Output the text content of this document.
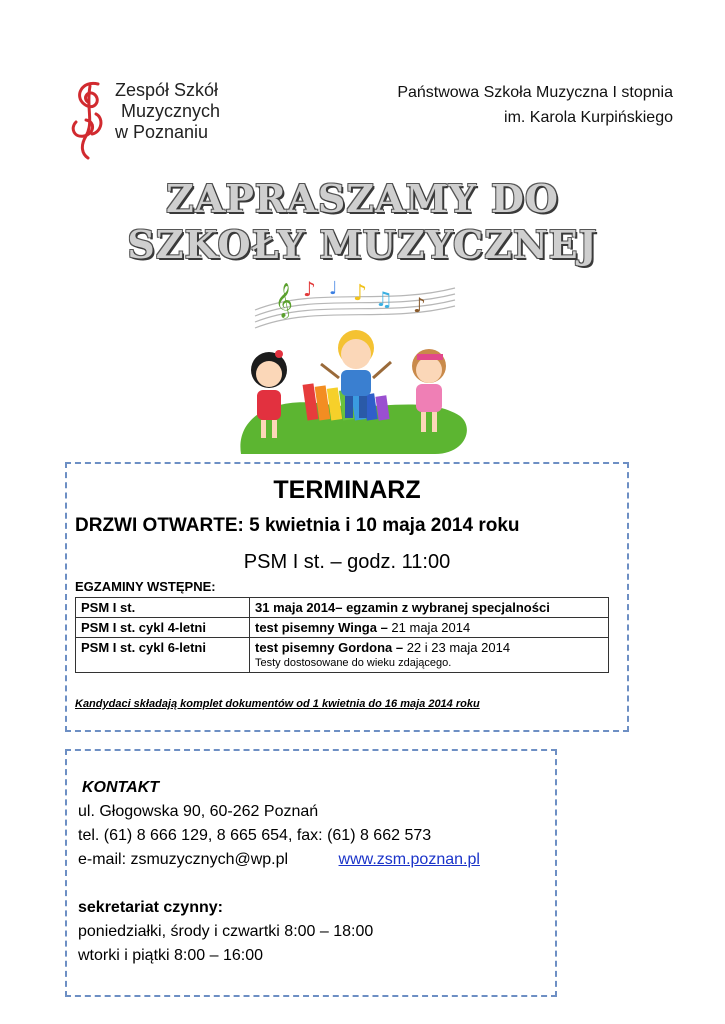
Zespół Szkół
Muzycznych
w Poznaniu
Państwowa Szkoła Muzyczna I stopnia
im. Karola Kurpińskiego
ZAPRASZAMY DO
SZKOŁY MUZYCZNEJ
𝄞 ♪ ♩ ♪ ♫ ♪
TERMINARZ
DRZWI OTWARTE: 5 kwietnia i 10 maja 2014 roku
PSM I st. – godz. 11:00
EGZAMINY WSTĘPNE:
PSM I st.	31 maja 2014– egzamin z wybranej specjalności
PSM I st. cykl 4-letni	test pisemny Winga – 21 maja 2014
PSM I st. cykl 6-letni	test pisemny Gordona – 22 i 23 maja 2014
Testy dostosowane do wieku zdającego.
Kandydaci składają komplet dokumentów od 1 kwietnia do 16 maja 2014 roku
KONTAKT
ul. Głogowska 90, 60-262 Poznań
tel. (61) 8 666 129, 8 665 654, fax: (61) 8 662 573
e-mail: zsmuzycznych@wp.pl	www.zsm.poznan.pl
sekretariat czynny:
poniedziałki, środy i czwartki 8:00 – 18:00
wtorki i piątki 8:00 – 16:00
